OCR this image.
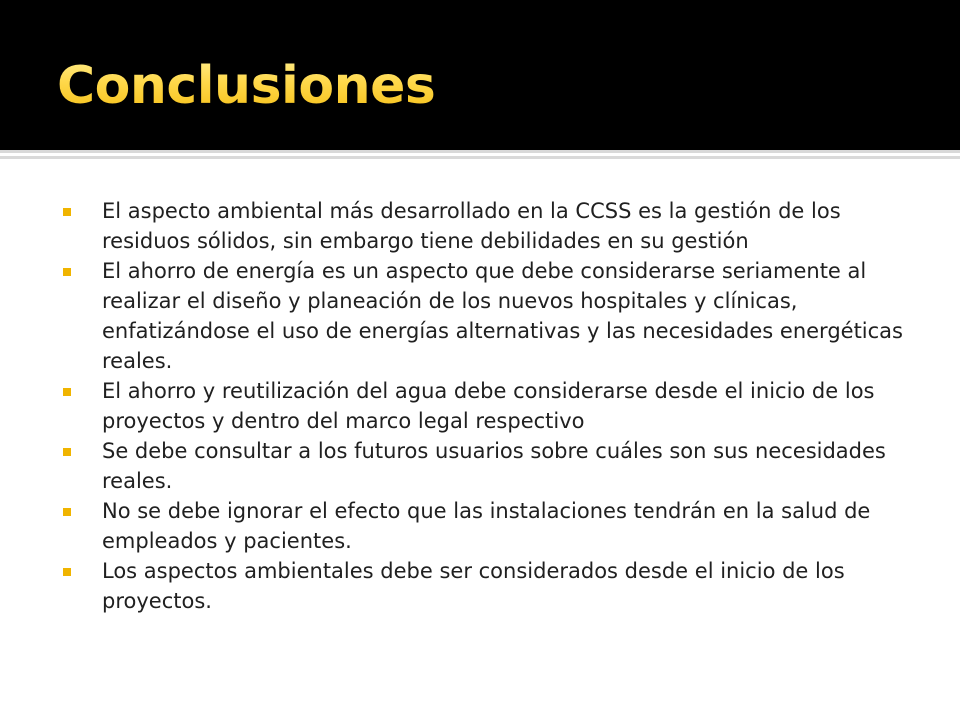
Conclusiones
El aspecto ambiental más desarrollado en la CCSS es la gestión de los residuos sólidos, sin embargo tiene debilidades en su gestión
El ahorro de energía es un aspecto que debe considerarse seriamente al realizar el diseño y planeación de los nuevos hospitales y clínicas, enfatizándose el uso de energías alternativas y las necesidades energéticas reales.
El ahorro y reutilización del agua debe considerarse desde el inicio de los proyectos y dentro del marco legal respectivo
Se debe consultar a los futuros usuarios sobre cuáles son sus necesidades reales.
No se debe ignorar el efecto que las instalaciones tendrán en la salud de empleados y pacientes.
Los aspectos ambientales debe ser considerados desde el inicio de los proyectos.
